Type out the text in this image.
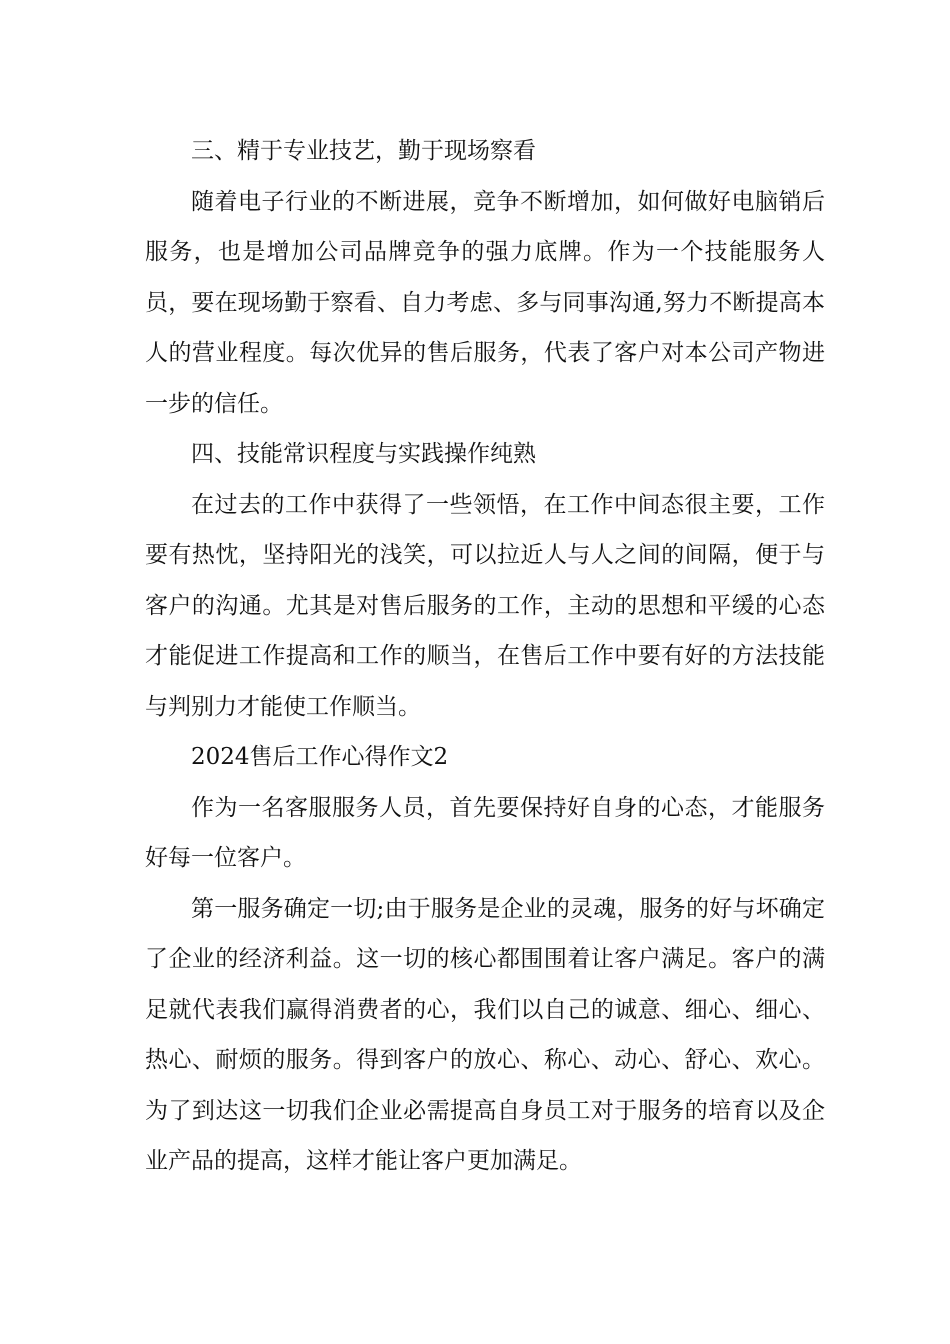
三、精于专业技艺，勤于现场察看

随着电子行业的不断进展，竞争不断增加，如何做好电脑销后服务，也是增加公司品牌竞争的强力底牌。作为一个技能服务人员，要在现场勤于察看、自力考虑、多与同事沟通,努力不断提高本人的营业程度。每次优异的售后服务，代表了客户对本公司产物进一步的信任。

四、技能常识程度与实践操作纯熟

在过去的工作中获得了一些领悟，在工作中间态很主要，工作要有热忱，坚持阳光的浅笑，可以拉近人与人之间的间隔，便于与客户的沟通。尤其是对售后服务的工作，主动的思想和平缓的心态才能促进工作提高和工作的顺当，在售后工作中要有好的方法技能与判别力才能使工作顺当。

2024售后工作心得作文2

作为一名客服服务人员，首先要保持好自身的心态，才能服务好每一位客户。

第一服务确定一切;由于服务是企业的灵魂，服务的好与坏确定了企业的经济利益。这一切的核心都围围着让客户满足。客户的满足就代表我们赢得消费者的心，我们以自己的诚意、细心、细心、热心、耐烦的服务。得到客户的放心、称心、动心、舒心、欢心。为了到达这一切我们企业必需提高自身员工对于服务的培育以及企业产品的提高，这样才能让客户更加满足。
